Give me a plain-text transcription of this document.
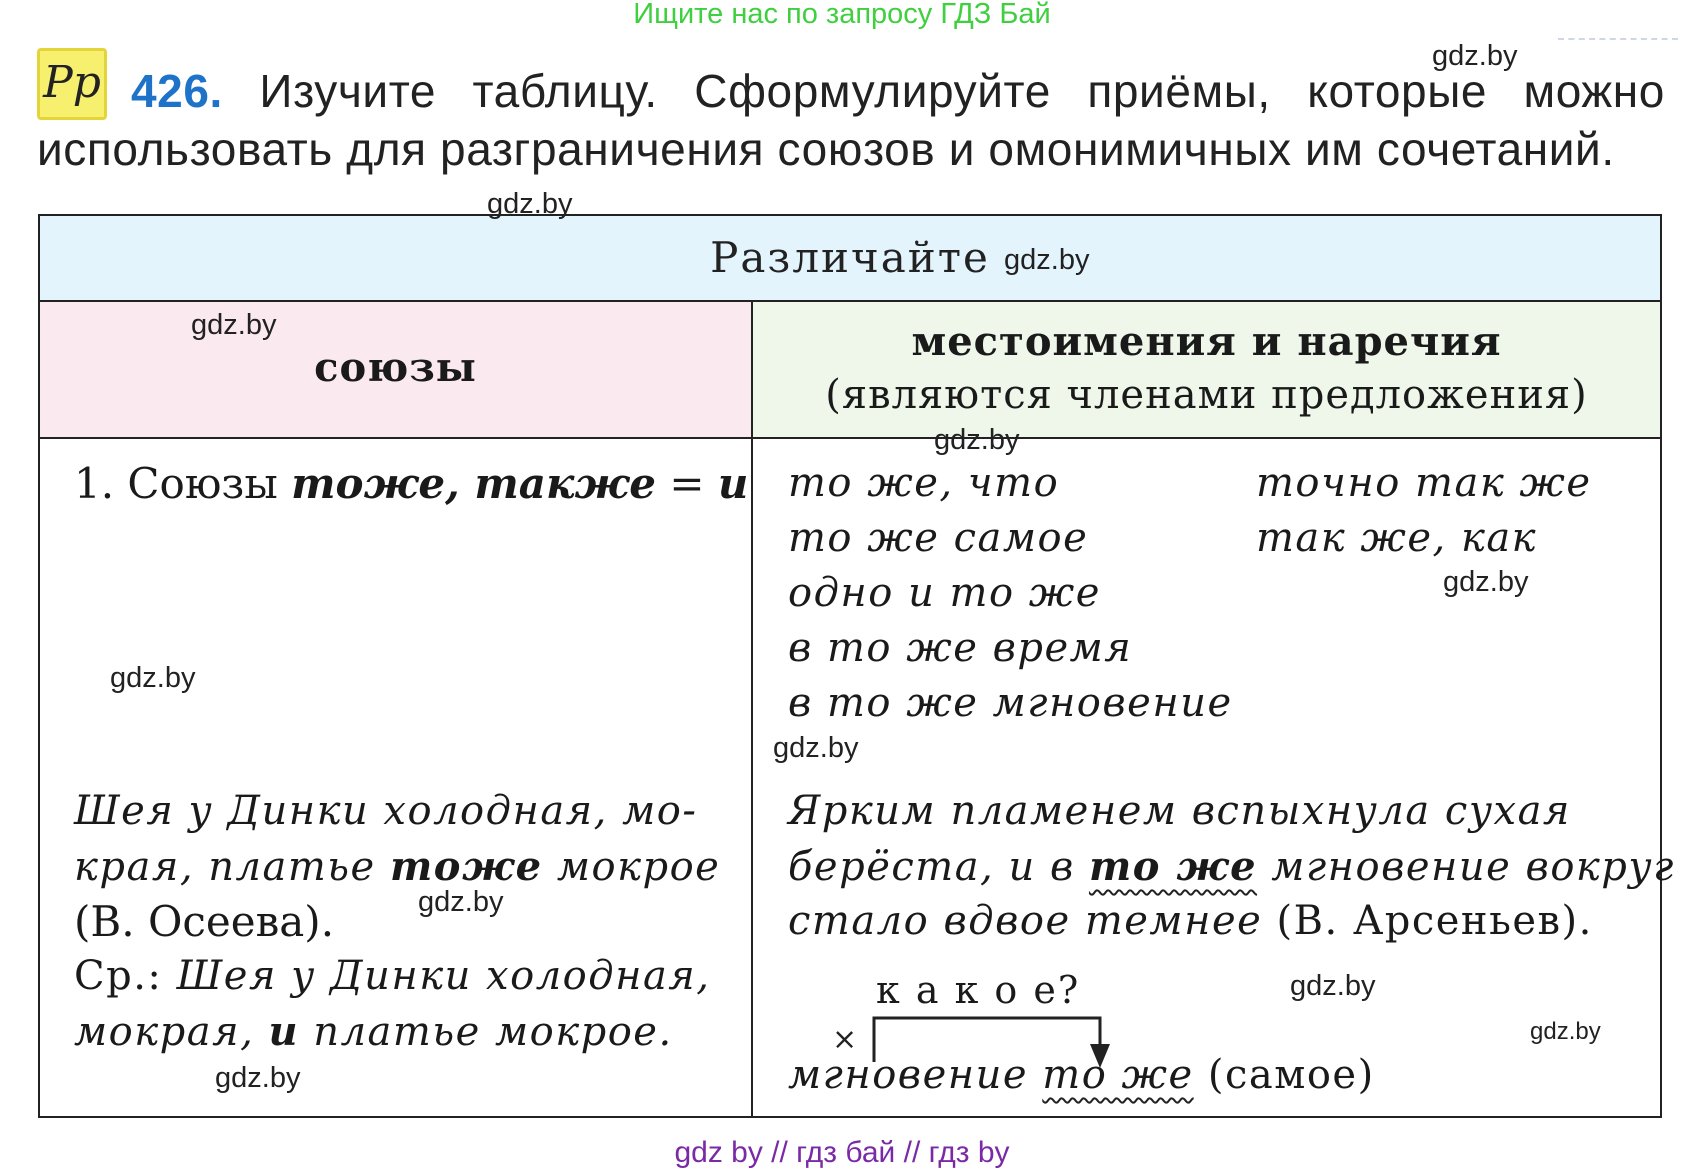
Ищите нас по запросу ГДЗ Бай
Рр 426. Изучите таблицу. Сформулируйте приёмы, которые можно использовать для разграничения союзов и омонимичных им сочетаний.
Различайте
союзы
местоимения и наречия
(являются членами предложения)
1. Союзы тоже, также = и то же, что
то же самое
одно и то же
в то же время
в то же мгновение
точно так же
так же, как
Шея у Динки холодная, мо-
края, платье тоже мокрое
(В. Осеева).
Ср.: Шея у Динки холодная,
мокрая, и платье мокрое.
Ярким пламенем вспыхнула сухая
берёста, и в то же мгновение вокруг
стало вдвое темнее (В. Арсеньев).
к а к о е?
×
мгновение то же (самое)
gdz.by
gdz.by
gdz.by
gdz.by
gdz.by
gdz.by
gdz.by
gdz.by
gdz.by
gdz.by
gdz.by
gdz.by
gdz by // гдз бай // гдз by
